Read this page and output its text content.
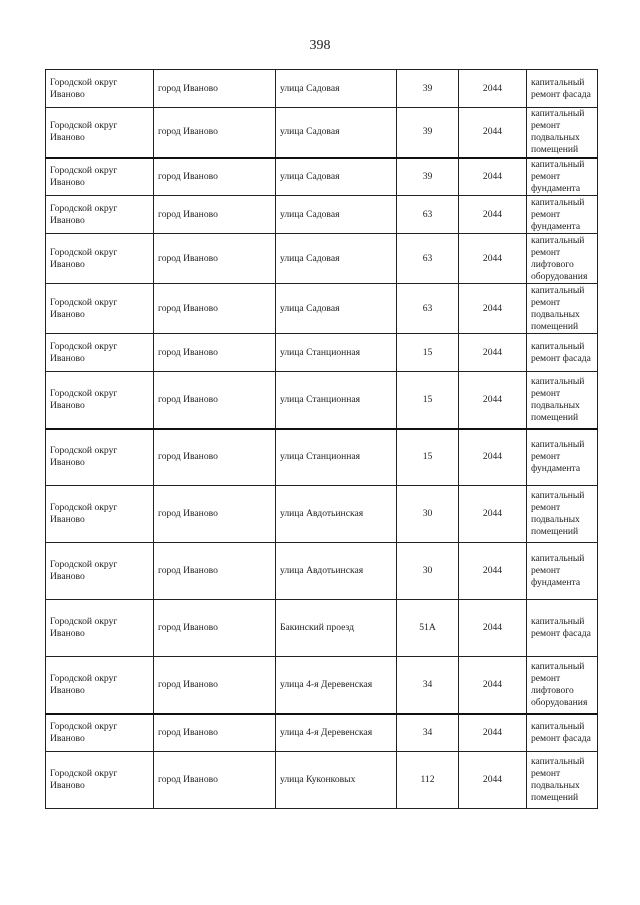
398
Городской округ
Иваново	город Иваново	улица Садовая	39	2044	капитальный
ремонт фасада

Городской округ
Иваново	город Иваново	улица Садовая	39	2044	капитальный
ремонт
подвальных
помещений

Городской округ
Иваново	город Иваново	улица Садовая	39	2044	капитальный
ремонт
фундамента

Городской округ
Иваново	город Иваново	улица Садовая	63	2044	капитальный
ремонт
фундамента

Городской округ
Иваново	город Иваново	улица Садовая	63	2044	капитальный
ремонт
лифтового
оборудования

Городской округ
Иваново	город Иваново	улица Садовая	63	2044	капитальный
ремонт
подвальных
помещений

Городской округ
Иваново	город Иваново	улица Станционная	15	2044	капитальный
ремонт фасада

Городской округ
Иваново	город Иваново	улица Станционная	15	2044	капитальный
ремонт
подвальных
помещений

Городской округ
Иваново	город Иваново	улица Станционная	15	2044	капитальный
ремонт
фундамента

Городской округ
Иваново	город Иваново	улица Авдотьинская	30	2044	капитальный
ремонт
подвальных
помещений

Городской округ
Иваново	город Иваново	улица Авдотьинская	30	2044	капитальный
ремонт
фундамента

Городской округ
Иваново	город Иваново	Бакинский проезд	51А	2044	капитальный
ремонт фасада

Городской округ
Иваново	город Иваново	улица 4-я Деревенская	34	2044	капитальный
ремонт
лифтового
оборудования

Городской округ
Иваново	город Иваново	улица 4-я Деревенская	34	2044	капитальный
ремонт фасада

Городской округ
Иваново	город Иваново	улица Куконковых	112	2044	капитальный
ремонт
подвальных
помещений
